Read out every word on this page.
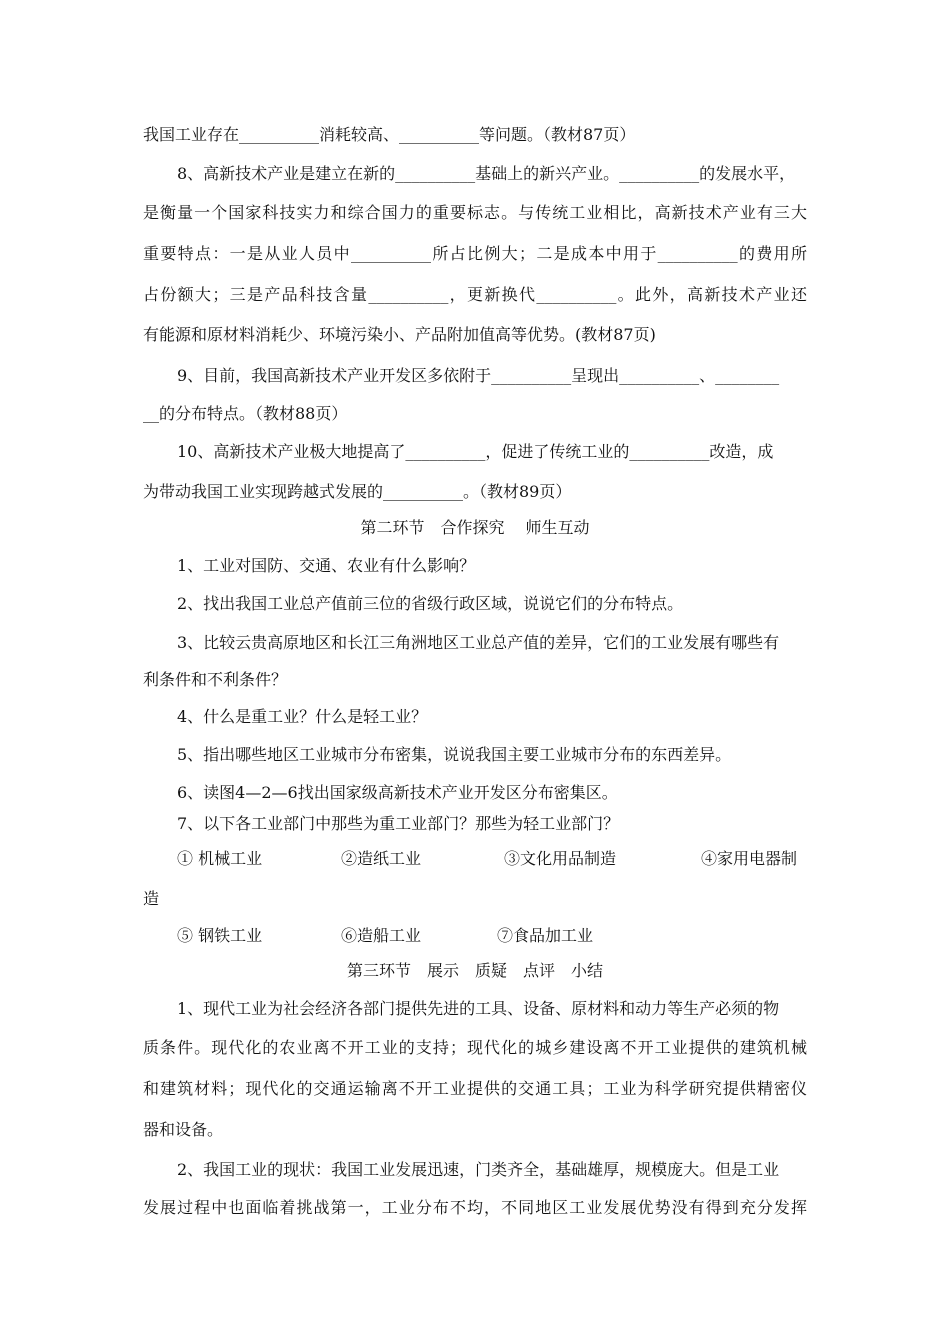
我国工业存在__________消耗较高、__________等问题。（教材87页）
8、高新技术产业是建立在新的__________基础上的新兴产业。__________的发展水平，
是衡量一个国家科技实力和综合国力的重要标志。与传统工业相比，高新技术产业有三大
重要特点：一是从业人员中__________所占比例大；二是成本中用于__________的费用所
占份额大；三是产品科技含量__________，更新换代__________。此外，高新技术产业还
有能源和原材料消耗少、环境污染小、产品附加值高等优势。(教材87页)
9、目前，我国高新技术产业开发区多依附于__________呈现出__________、________
__的分布特点。（教材88页）
10、高新技术产业极大地提高了__________，促进了传统工业的__________改造，成
为带动我国工业实现跨越式发展的__________。（教材89页）
第二环节　合作探究　 师生互动
1、工业对国防、交通、农业有什么影响？
2、找出我国工业总产值前三位的省级行政区域，说说它们的分布特点。
3、比较云贵高原地区和长江三角洲地区工业总产值的差异，它们的工业发展有哪些有
利条件和不利条件？
4、什么是重工业？什么是轻工业？
5、指出哪些地区工业城市分布密集，说说我国主要工业城市分布的东西差异。
6、读图4—2—6找出国家级高新技术产业开发区分布密集区。
7、以下各工业部门中那些为重工业部门？那些为轻工业部门？
① 机械工业	②造纸工业	③文化用品制造	④家用电器制
造
⑤ 钢铁工业	⑥造船工业	⑦食品加工业
第三环节　展示　质疑　点评　小结
1、现代工业为社会经济各部门提供先进的工具、设备、原材料和动力等生产必须的物
质条件。现代化的农业离不开工业的支持；现代化的城乡建设离不开工业提供的建筑机械
和建筑材料；现代化的交通运输离不开工业提供的交通工具；工业为科学研究提供精密仪
器和设备。
2、我国工业的现状：我国工业发展迅速，门类齐全，基础雄厚，规模庞大。但是工业
发展过程中也面临着挑战第一，工业分布不均，不同地区工业发展优势没有得到充分发挥
